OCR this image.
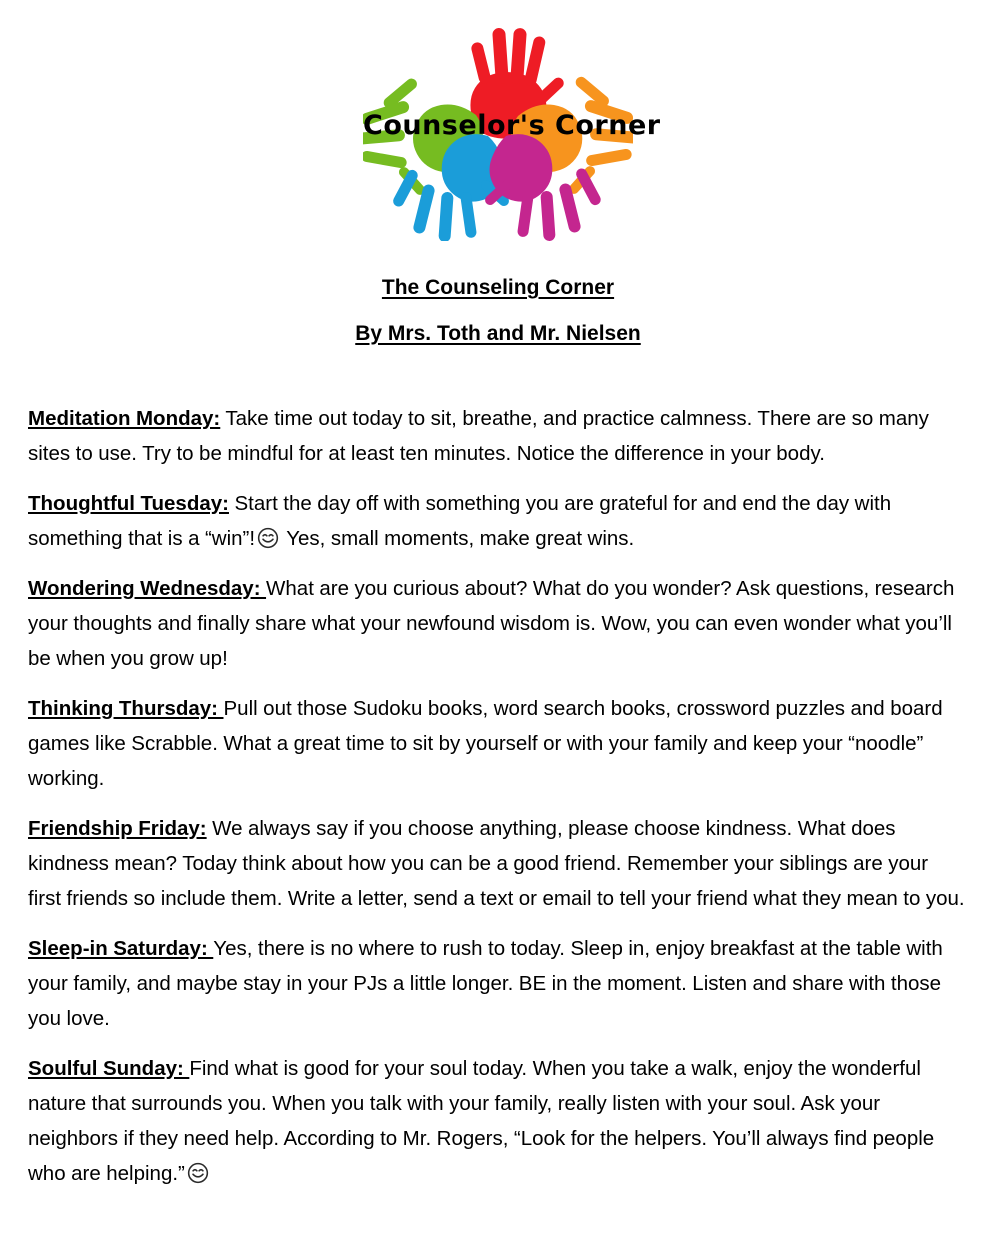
Counselor's Corner
The Counseling Corner
By Mrs. Toth and Mr. Nielsen

Meditation Monday: Take time out today to sit, breathe, and practice calmness. There are so many sites to use. Try to be mindful for at least ten minutes. Notice the difference in your body.

Thoughtful Tuesday: Start the day off with something you are grateful for and end the day with something that is a “win”!
Yes, small moments, make great wins.

Wondering Wednesday: What are you curious about? What do you wonder? Ask questions, research your thoughts and finally share what your newfound wisdom is. Wow, you can even wonder what you’ll be when you grow up!

Thinking Thursday: Pull out those Sudoku books, word search books, crossword puzzles and board games like Scrabble. What a great time to sit by yourself or with your family and keep your “noodle” working.

Friendship Friday: We always say if you choose anything, please choose kindness. What does kindness mean? Today think about how you can be a good friend. Remember your siblings are your first friends so include them. Write a letter, send a text or email to tell your friend what they mean to you.

Sleep-in Saturday: Yes, there is no where to rush to today. Sleep in, enjoy breakfast at the table with your family, and maybe stay in your PJs a little longer. BE in the moment. Listen and share with those you love.

Soulful Sunday: Find what is good for your soul today. When you take a walk, enjoy the wonderful nature that surrounds you. When you talk with your family, really listen with your soul. Ask your neighbors if they need help. According to Mr. Rogers, “Look for the helpers. You’ll always find people who are helping.”
